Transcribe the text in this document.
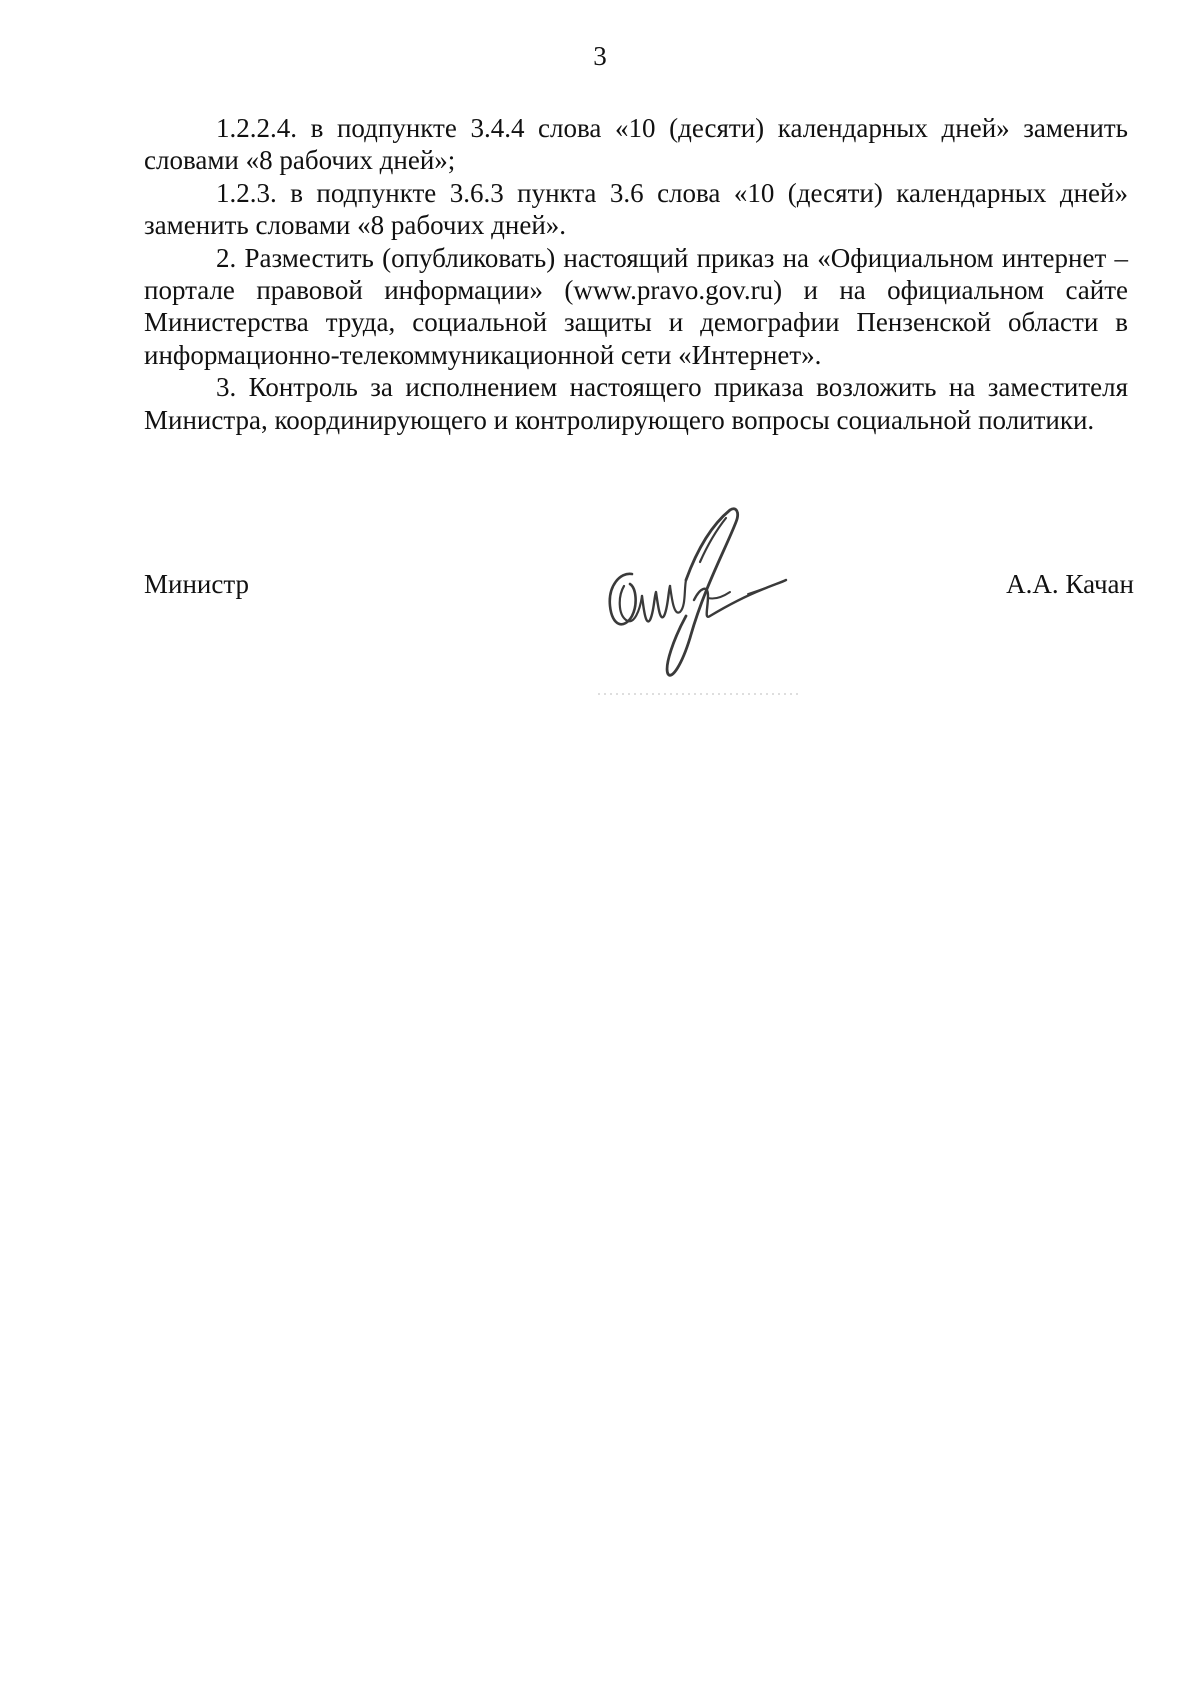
3

1.2.2.4. в подпункте 3.4.4 слова «10 (десяти) календарных дней» заменить словами «8 рабочих дней»;

1.2.3. в подпункте 3.6.3 пункта 3.6 слова «10 (десяти) календарных дней» заменить словами «8 рабочих дней».

2. Разместить (опубликовать) настоящий приказ на «Официальном интернет – портале правовой информации» (www.pravo.gov.ru) и на официальном сайте Министерства труда, социальной защиты и демографии Пензенской области в информационно-телекоммуникационной сети «Интернет».

3. Контроль за исполнением настоящего приказа возложить на заместителя Министра, координирующего и контролирующего вопросы социальной политики.

Министр	А.А. Качан
